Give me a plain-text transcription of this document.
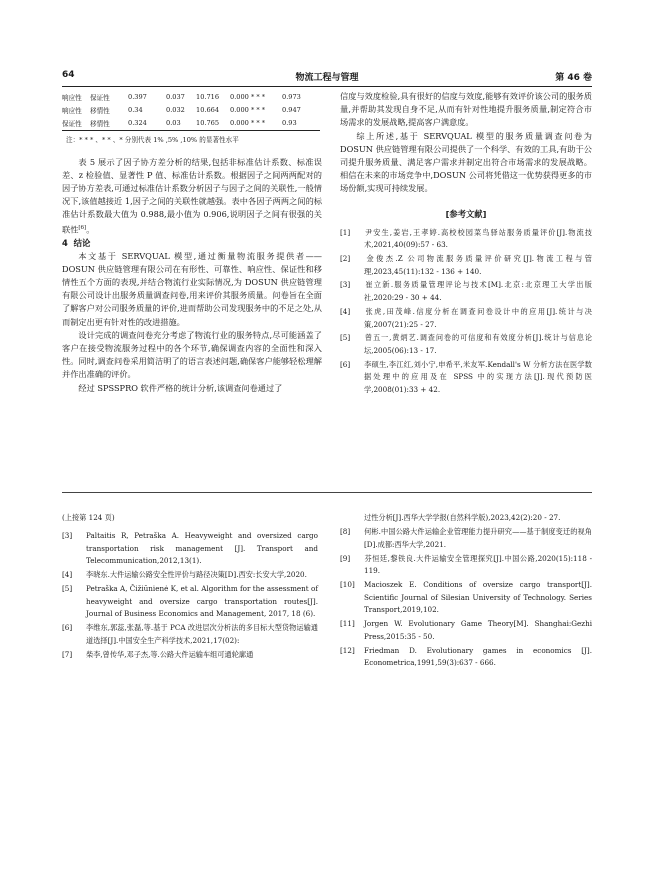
64	物流工程与管理	第 46 卷
响应性	保证性	0.397	0.037	10.716	0.000 * * *	0.973
响应性	移情性	0.34	0.032	10.664	0.000 * * *	0.947
保证性	移情性	0.324	0.03	10.765	0.000 * * *	0.93
注：* * * 、* * 、* 分别代表 1% ,5% ,10% 的显著性水平

表 5 展示了因子协方差分析的结果,包括非标准估计系数、标准误差、z 检验值、显著性 P 值、标准估计系数。根据因子之间两两配对的因子协方差表,可通过标准估计系数分析因子与因子之间的关联性,一般情况下,该值越接近 1,因子之间的关联性就越强。表中各因子两两之间的标准估计系数最大值为 0.988,最小值为 0.906,说明因子之间有很强的关联性[6]。

4 结论

本文基于 SERVQUAL 模型,通过衡量物流服务提供者——DOSUN 供应链管理有限公司在有形性、可靠性、响应性、保证性和移情性五个方面的表现,并结合物流行业实际情况,为 DOSUN 供应链管理有限公司设计出服务质量调查问卷,用来评价其服务质量。问卷旨在全面了解客户对公司服务质量的评价,进而帮助公司发现服务中的不足之处,从而制定出更有针对性的改进措施。

设计完成的调查问卷充分考虑了物流行业的服务特点,尽可能涵盖了客户在接受物流服务过程中的各个环节,确保调查内容的全面性和深入性。同时,调查问卷采用简洁明了的语言表述问题,确保客户能够轻松理解并作出准确的评价。

经过 SPSSPRO 软件严格的统计分析,该调查问卷通过了

信度与效度检验,具有很好的信度与效度,能够有效评价该公司的服务质量,并帮助其发现自身不足,从而有针对性地提升服务质量,制定符合市场需求的发展战略,提高客户满意度。

综上所述,基于 SERVQUAL 模型的服务质量调查问卷为 DOSUN 供应链管理有限公司提供了一个科学、有效的工具,有助于公司提升服务质量、满足客户需求并制定出符合市场需求的发展战略。相信在未来的市场竞争中,DOSUN 公司将凭借这一优势获得更多的市场份额,实现可持续发展。

[参考文献]
[1] 尹安生,姜岩,王孝婷.高校校园菜鸟驿站服务质量评价[J].物流技术,2021,40(09):57 - 63.
[2] 金俊杰.Z 公司物流服务质量评价研究[J].物流工程与管理,2023,45(11):132 - 136 + 140.
[3] 崔立新.服务质量管理评论与技术[M].北京:北京理工大学出版社,2020:29 - 30 + 44.
[4] 张虎,田茂峰.信度分析在调查问卷设计中的应用[J].统计与决策,2007(21):25 - 27.
[5] 曾五一,黄炳艺.调查问卷的可信度和有效度分析[J].统计与信息论坛,2005(06):13 - 17.
[6] 李硕生,李江红,刘小宁,申希平,米友军.Kendall's W 分析方法在医学数据处理中的应用及在 SPSS 中的实现方法[J].现代预防医学,2008(01):33 + 42.
(上接第 124 页)
[3] Paltaitis R, Petraška A. Heavyweight and oversized cargo transportation risk management [J]. Transport and Telecommunication,2012,13(1).
[4] 李晓东.大件运输公路安全性评价与路径决策[D].西安:长安大学,2020.
[5] Petraška A, Čižiūnienė K, et al. Algorithm for the assessment of heavyweight and oversize cargo transportation routes[J]. Journal of Business Economics and Management, 2017, 18 (6).
[6] 李维东,郭蕊,张磊,等.基于 PCA 改进层次分析法的多目标大型货物运输通道选择[J].中国安全生产科学技术,2021,17(02):
[7] 柴李,曾传华,邓子杰,等.公路大件运输车组可通轮廓通
过性分析[J].西华大学学报(自然科学版),2023,42(2):20 - 27.
[8] 何彬.中国公路大件运输企业管理能力提升研究——基于制度变迁的视角[D].成都:西华大学,2021.
[9] 芬恒廷,黎铁良.大件运输安全管理探究[J].中国公路,2020(15):118 - 119.
[10] Macioszek E. Conditions of oversize cargo transport[J]. Scientific Journal of Silesian University of Technology. Series Transport,2019,102.
[11] Jorgen W. Evolutionary Game Theory[M]. Shanghai:Gezhi Press,2015:35 - 50.
[12] Friedman D. Evolutionary games in economics [J]. Econometrica,1991,59(3):637 - 666.
